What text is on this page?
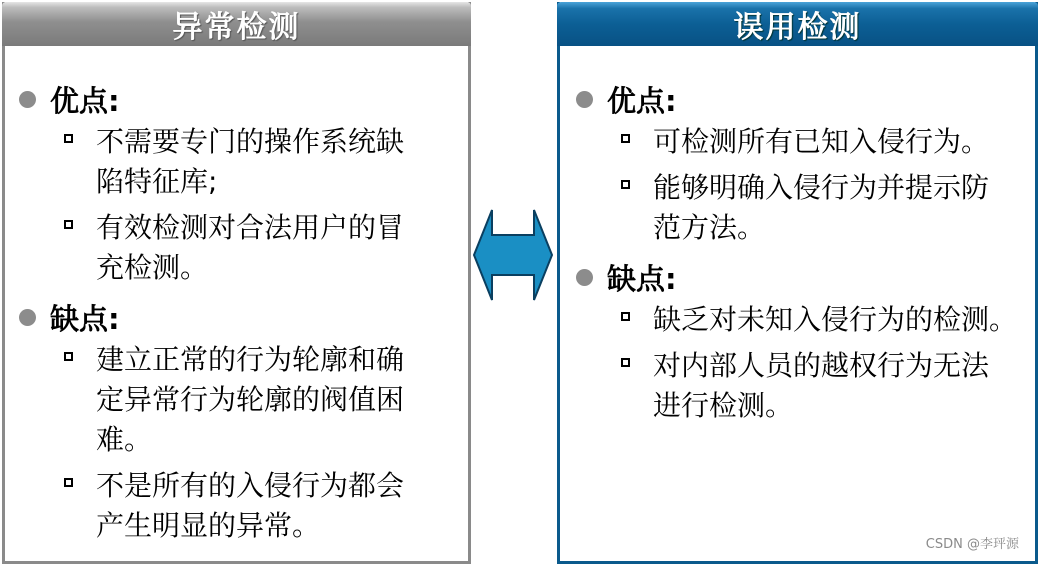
异常检测
优点:
不需要专门的操作系统缺陷特征库;
有效检测对合法用户的冒充检测。
缺点:
建立正常的行为轮廓和确定异常行为轮廓的阀值困难。
不是所有的入侵行为都会产生明显的异常。
误用检测
优点:
可检测所有已知入侵行为。
能够明确入侵行为并提示防范方法。
缺点:
缺乏对未知入侵行为的检测。
对内部人员的越权行为无法进行检测。
CSDN @李玶源
